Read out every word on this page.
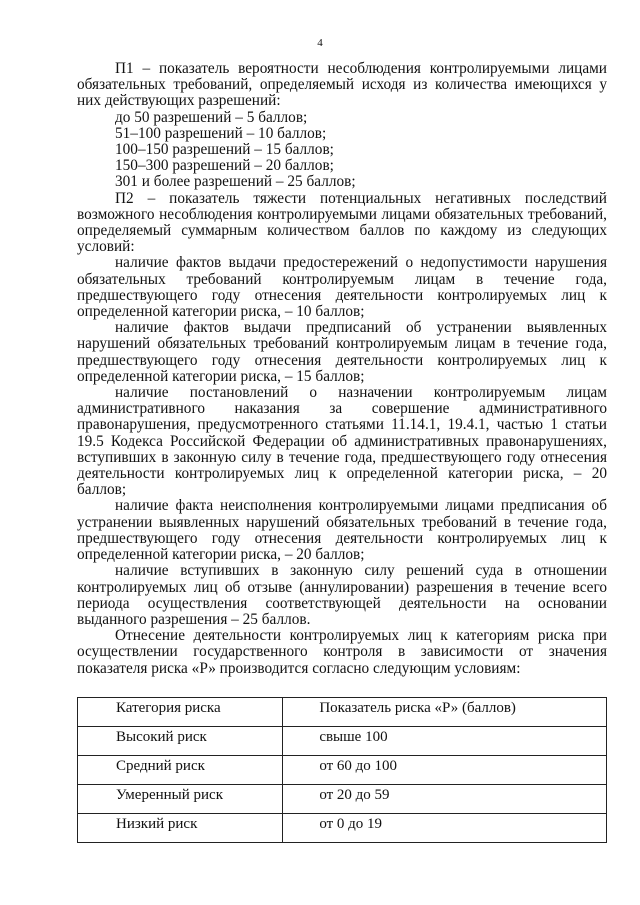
4

П1 – показатель вероятности несоблюдения контролируемыми лицами обязательных требований, определяемый исходя из количества имеющихся у них действующих разрешений:

до 50 разрешений – 5 баллов;

51–100 разрешений – 10 баллов;

100–150 разрешений – 15 баллов;

150–300 разрешений – 20 баллов;

301 и более разрешений – 25 баллов;

П2 – показатель тяжести потенциальных негативных последствий возможного несоблюдения контролируемыми лицами обязательных требований, определяемый суммарным количеством баллов по каждому из следующих условий:

наличие фактов выдачи предостережений о недопустимости нарушения обязательных требований контролируемым лицам в течение года, предшествующего году отнесения деятельности контролируемых лиц к определенной категории риска, – 10 баллов;

наличие фактов выдачи предписаний об устранении выявленных нарушений обязательных требований контролируемым лицам в течение года, предшествующего году отнесения деятельности контролируемых лиц к определенной категории риска, – 15 баллов;

наличие постановлений о назначении контролируемым лицам административного наказания за совершение административного правонарушения, предусмотренного статьями 11.14.1, 19.4.1, частью 1 статьи 19.5 Кодекса Российской Федерации об административных правонарушениях, вступивших в законную силу в течение года, предшествующего году отнесения деятельности контролируемых лиц к определенной категории риска, – 20 баллов;

наличие факта неисполнения контролируемыми лицами предписания об устранении выявленных нарушений обязательных требований в течение года, предшествующего году отнесения деятельности контролируемых лиц к определенной категории риска, – 20 баллов;

наличие вступивших в законную силу решений суда в отношении контролируемых лиц об отзыве (аннулировании) разрешения в течение всего периода осуществления соответствующей деятельности на основании выданного разрешения – 25 баллов.

Отнесение деятельности контролируемых лиц к категориям риска при осуществлении государственного контроля в зависимости от значения показателя риска «Р» производится согласно следующим условиям:

Категория риска	Показатель риска «Р» (баллов)
Высокий риск	свыше 100
Средний риск	от 60 до 100
Умеренный риск	от 20 до 59
Низкий риск	от 0 до 19
